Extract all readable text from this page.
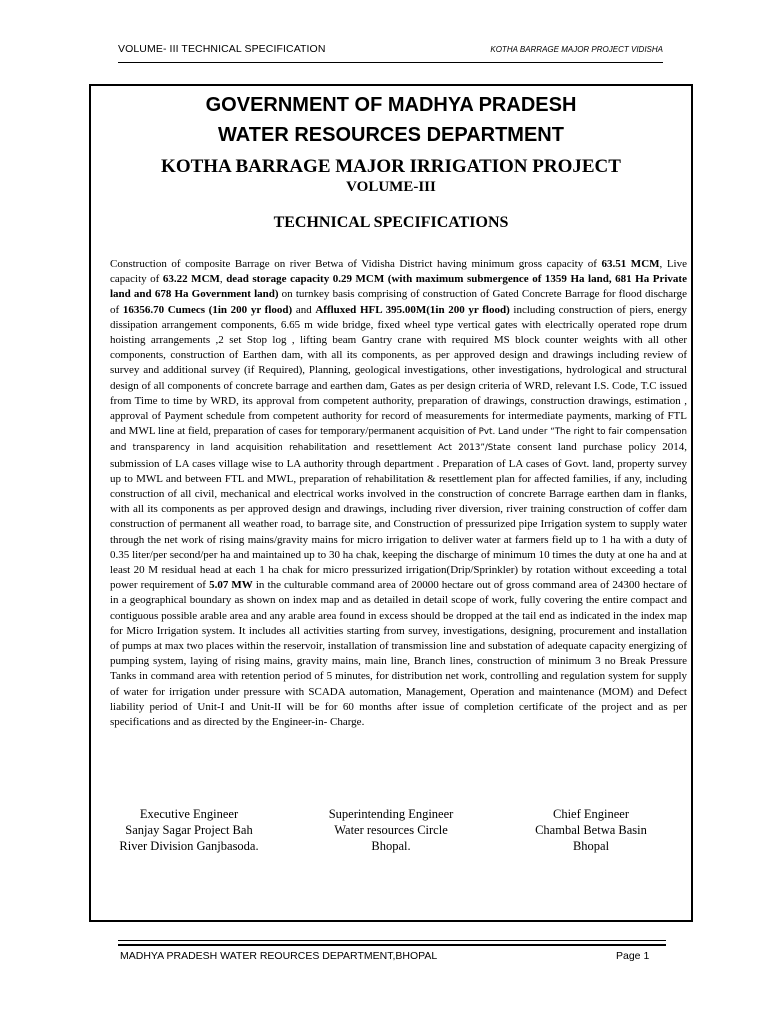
VOLUME- III TECHNICAL SPECIFICATION	KOTHA BARRAGE MAJOR PROJECT VIDISHA
GOVERNMENT OF MADHYA PRADESH
WATER RESOURCES DEPARTMENT
KOTHA BARRAGE MAJOR IRRIGATION PROJECT
VOLUME-III
TECHNICAL SPECIFICATIONS
Construction of composite Barrage on river Betwa of Vidisha District having minimum gross capacity of 63.51 MCM, Live capacity of 63.22 MCM, dead storage capacity 0.29 MCM (with maximum submergence of 1359 Ha land, 681 Ha Private land and 678 Ha Government land) on turnkey basis comprising of construction of Gated Concrete Barrage for flood discharge of 16356.70 Cumecs (1in 200 yr flood) and Affluxed HFL 395.00M(1in 200 yr flood) including construction of piers, energy dissipation arrangement components, 6.65 m wide bridge, fixed wheel type vertical gates with electrically operated rope drum hoisting arrangements ,2 set Stop log , lifting beam Gantry crane with required MS block counter weights with all other components, construction of Earthen dam, with all its components, as per approved design and drawings including review of survey and additional survey (if Required), Planning, geological investigations, other investigations, hydrological and structural design of all components of concrete barrage and earthen dam, Gates as per design criteria of WRD, relevant I.S. Code, T.C issued from Time to time by WRD, its approval from competent authority, preparation of drawings, construction drawings, estimation , approval of Payment schedule from competent authority for record of measurements for intermediate payments, marking of FTL and MWL line at field, preparation of cases for temporary/permanent acquisition of Pvt. Land under “The right to fair compensation and transparency in land acquisition rehabilitation and resettlement Act 2013”/State consent land purchase policy 2014, submission of LA cases village wise to LA authority through department . Preparation of LA cases of Govt. land, property survey up to MWL and between FTL and MWL, preparation of rehabilitation & resettlement plan for affected families, if any, including construction of all civil, mechanical and electrical works involved in the construction of concrete Barrage earthen dam in flanks, with all its components as per approved design and drawings, including river diversion, river training construction of coffer dam construction of permanent all weather road, to barrage site, and Construction of pressurized pipe Irrigation system to supply water through the net work of rising mains/gravity mains for micro irrigation to deliver water at farmers field up to 1 ha with a duty of 0.35 liter/per second/per ha and maintained up to 30 ha chak, keeping the discharge of minimum 10 times the duty at one ha and at least 20 M residual head at each 1 ha chak for micro pressurized irrigation(Drip/Sprinkler) by rotation without exceeding a total power requirement of 5.07 MW in the culturable command area of 20000 hectare out of gross command area of 24300 hectare of in a geographical boundary as shown on index map and as detailed in detail scope of work, fully covering the entire compact and contiguous possible arable area and any arable area found in excess should be dropped at the tail end as indicated in the index map for Micro Irrigation system. It includes all activities starting from survey, investigations, designing, procurement and installation of pumps at max two places within the reservoir, installation of transmission line and substation of adequate capacity energizing of pumping system, laying of rising mains, gravity mains, main line, Branch lines, construction of minimum 3 no Break Pressure Tanks in command area with retention period of 5 minutes, for distribution net work, controlling and regulation system for supply of water for irrigation under pressure with SCADA automation, Management, Operation and maintenance (MOM) and Defect liability period of Unit-I and Unit-II will be for 60 months after issue of completion certificate of the project and as per specifications and as directed by the Engineer-in- Charge.
Executive Engineer
Sanjay Sagar Project Bah
River Division Ganjbasoda.
Superintending Engineer
Water resources Circle
Bhopal.
Chief Engineer
Chambal Betwa Basin
Bhopal
MADHYA PRADESH WATER REOURCES DEPARTMENT,BHOPAL	Page 1
